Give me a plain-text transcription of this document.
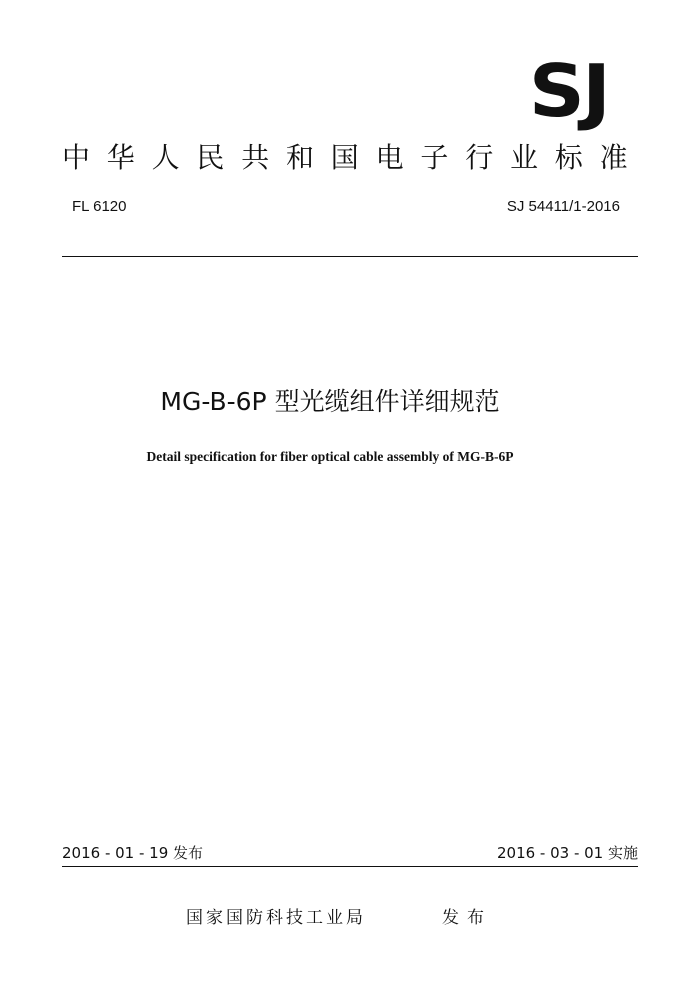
SJ
中华人民共和国电子行业标准
FL 6120	SJ 54411/1-2016
MG-B-6P 型光缆组件详细规范
Detail specification for fiber optical cable assembly of MG-B-6P
2016 - 01 - 19 发布	2016 - 03 - 01 实施
国家国防科技工业局	发布
